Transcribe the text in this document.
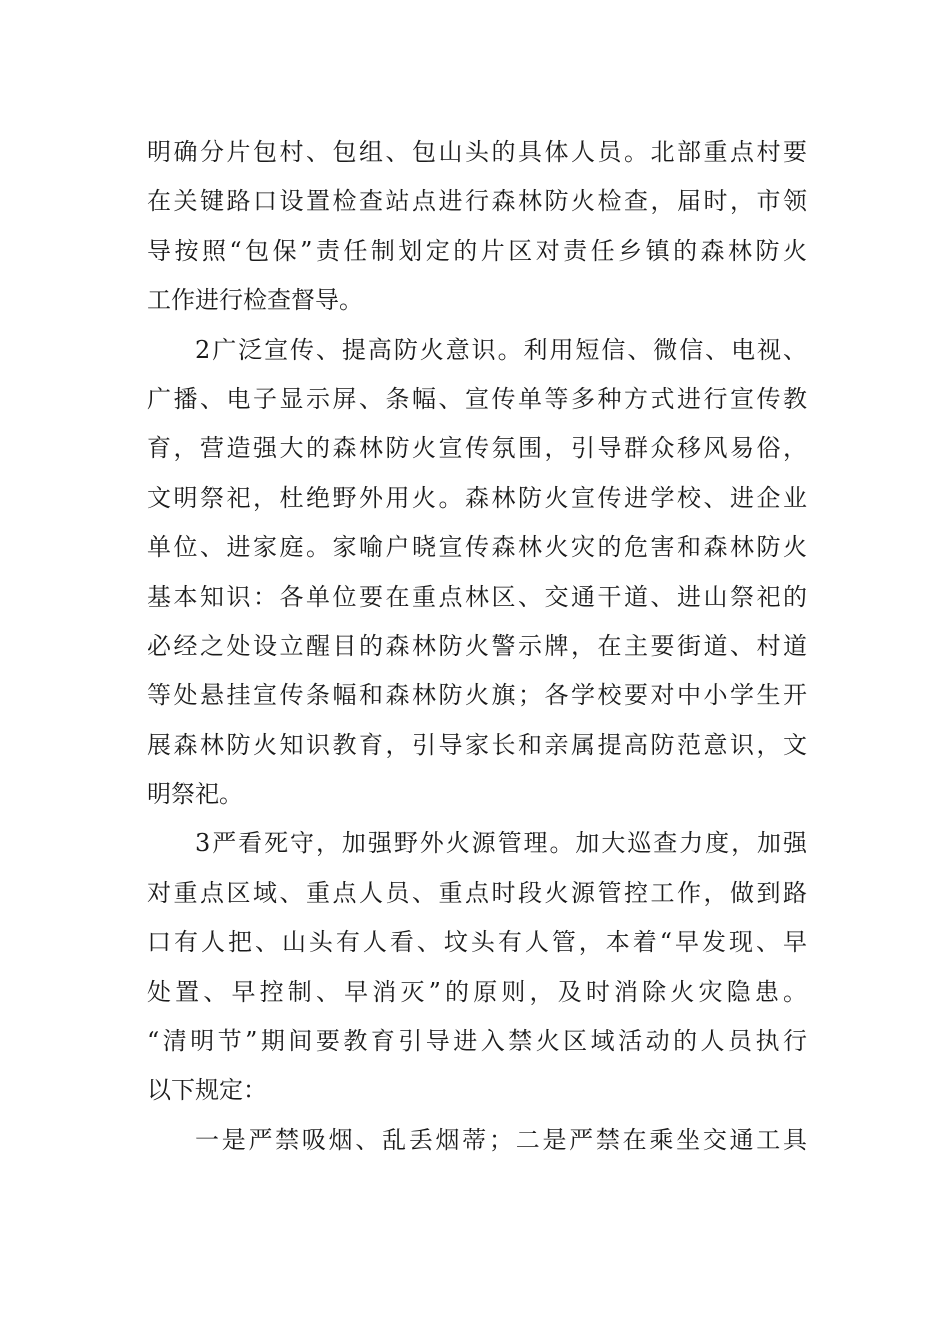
明确分片包村、包组、包山头的具体人员。北部重点村要
在关键路口设置检查站点进行森林防火检查，届时，市领
导按照“包保”责任制划定的片区对责任乡镇的森林防火
工作进行检查督导。
2广泛宣传、提高防火意识。利用短信、微信、电视、
广播、电子显示屏、条幅、宣传单等多种方式进行宣传教
育，营造强大的森林防火宣传氛围，引导群众移风易俗，
文明祭祀，杜绝野外用火。森林防火宣传进学校、进企业
单位、进家庭。家喻户晓宣传森林火灾的危害和森林防火
基本知识：各单位要在重点林区、交通干道、进山祭祀的
必经之处设立醒目的森林防火警示牌，在主要街道、村道
等处悬挂宣传条幅和森林防火旗；各学校要对中小学生开
展森林防火知识教育，引导家长和亲属提高防范意识，文
明祭祀。
3严看死守，加强野外火源管理。加大巡查力度，加强
对重点区域、重点人员、重点时段火源管控工作，做到路
口有人把、山头有人看、坟头有人管，本着“早发现、早
处置、早控制、早消灭”的原则，及时消除火灾隐患。
“清明节”期间要教育引导进入禁火区域活动的人员执行
以下规定：
一是严禁吸烟、乱丢烟蒂；二是严禁在乘坐交通工具
